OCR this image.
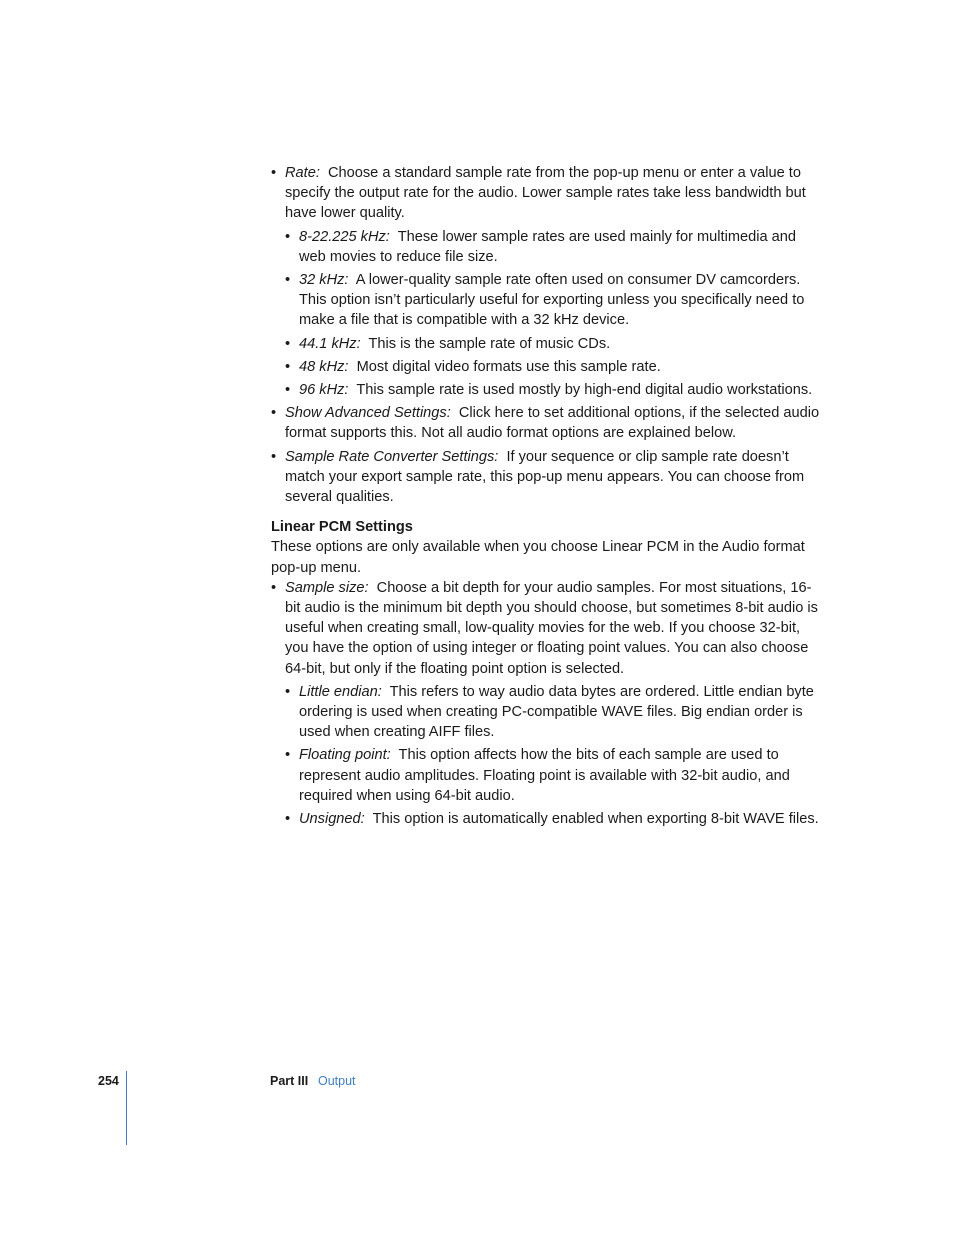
• Rate: Choose a standard sample rate from the pop-up menu or enter a value to specify the output rate for the audio. Lower sample rates take less bandwidth but have lower quality.
• 8-22.225 kHz: These lower sample rates are used mainly for multimedia and web movies to reduce file size.
• 32 kHz: A lower-quality sample rate often used on consumer DV camcorders. This option isn’t particularly useful for exporting unless you specifically need to make a file that is compatible with a 32 kHz device.
• 44.1 kHz: This is the sample rate of music CDs.
• 48 kHz: Most digital video formats use this sample rate.
• 96 kHz: This sample rate is used mostly by high-end digital audio workstations.
• Show Advanced Settings: Click here to set additional options, if the selected audio format supports this. Not all audio format options are explained below.
• Sample Rate Converter Settings: If your sequence or clip sample rate doesn’t match your export sample rate, this pop-up menu appears. You can choose from several qualities.
Linear PCM Settings
These options are only available when you choose Linear PCM in the Audio format pop-up menu.
• Sample size: Choose a bit depth for your audio samples. For most situations, 16-bit audio is the minimum bit depth you should choose, but sometimes 8-bit audio is useful when creating small, low-quality movies for the web. If you choose 32-bit, you have the option of using integer or floating point values. You can also choose 64-bit, but only if the floating point option is selected.
• Little endian: This refers to way audio data bytes are ordered. Little endian byte ordering is used when creating PC-compatible WAVE files. Big endian order is used when creating AIFF files.
• Floating point: This option affects how the bits of each sample are used to represent audio amplitudes. Floating point is available with 32-bit audio, and required when using 64-bit audio.
• Unsigned: This option is automatically enabled when exporting 8-bit WAVE files.
254	Part III Output
